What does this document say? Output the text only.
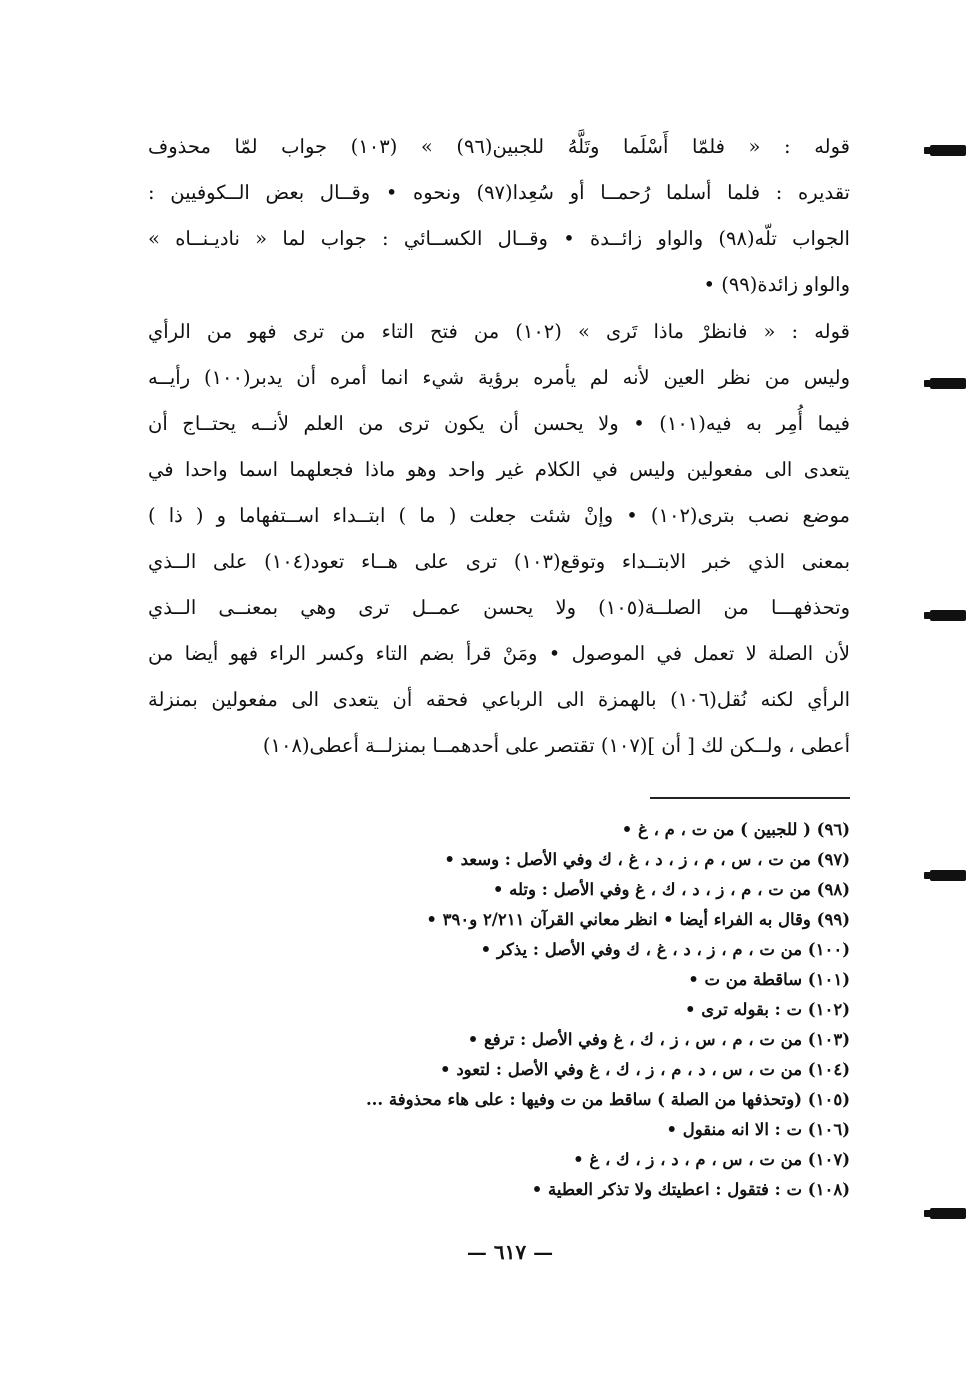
قوله : « فلمّا أَسْلَما وتَلَّهُ للجبين(٩٦) » (١٠٣) جواب لمّا محذوف
تقديره : فلما أسلما رُحمــا أو سُعِدا(٩٧) ونحوه • وقــال بعض الــكوفيين :
الجواب تلّه(٩٨) والواو زائــدة • وقــال الكســائي : جواب لما « ناديـنــاه »
والواو زائدة(٩٩) •
قوله : « فانظرْ ماذا تَرى » (١٠٢) من فتح التاء من ترى فهو من الرأي
وليس من نظر العين لأنه لم يأمره برؤية شيء انما أمره أن يدبر(١٠٠) رأيــه
فيما أُمِر به فيه(١٠١) • ولا يحسن أن يكون ترى من العلم لأنــه يحتــاج أن
يتعدى الى مفعولين وليس في الكلام غير واحد وهو ماذا فجعلهما اسما واحدا في
موضع نصب بترى(١٠٢) • وإنْ شئت جعلت ( ما ) ابتــداء اســتفهاما و ( ذا )
بمعنى الذي خبر الابتــداء وتوقع(١٠٣) ترى على هــاء تعود(١٠٤) على الــذي
وتحذفهـــا من الصلــة(١٠٥) ولا يحسن عمــل ترى وهي بمعنــى الــذي
لأن الصلة لا تعمل في الموصول • ومَنْ قرأ بضم التاء وكسر الراء فهو أيضا من
الرأي لكنه نُقل(١٠٦) بالهمزة الى الرباعي فحقه أن يتعدى الى مفعولين بمنزلة
أعطى ، ولــكن لك [ أن ](١٠٧) تقتصر على أحدهمــا بمنزلــة أعطى(١٠٨)
(٩٦) ( للجبين ) من ت ، م ، غ •
(٩٧) من ت ، س ، م ، ز ، د ، غ ، ك وفي الأصل : وسعد •
(٩٨) من ت ، م ، ز ، د ، ك ، غ وفي الأصل : وتله •
(٩٩) وقال به الفراء أيضا • انظر معاني القرآن ٢/٢١١ و٣٩٠ •
(١٠٠) من ت ، م ، ز ، د ، غ ، ك وفي الأصل : يذكر •
(١٠١) ساقطة من ت •
(١٠٢) ت : بقوله ترى •
(١٠٣) من ت ، م ، س ، ز ، ك ، غ وفي الأصل : ترفع •
(١٠٤) من ت ، س ، د ، م ، ز ، ك ، غ وفي الأصل : لتعود •
(١٠٥) (وتحذفها من الصلة ) ساقط من ت وفيها : على هاء محذوفة ...
(١٠٦) ت : الا انه منقول •
(١٠٧) من ت ، س ، م ، د ، ز ، ك ، غ •
(١٠٨) ت : فتقول : اعطيتك ولا تذكر العطية •
— ٦١٧ —
